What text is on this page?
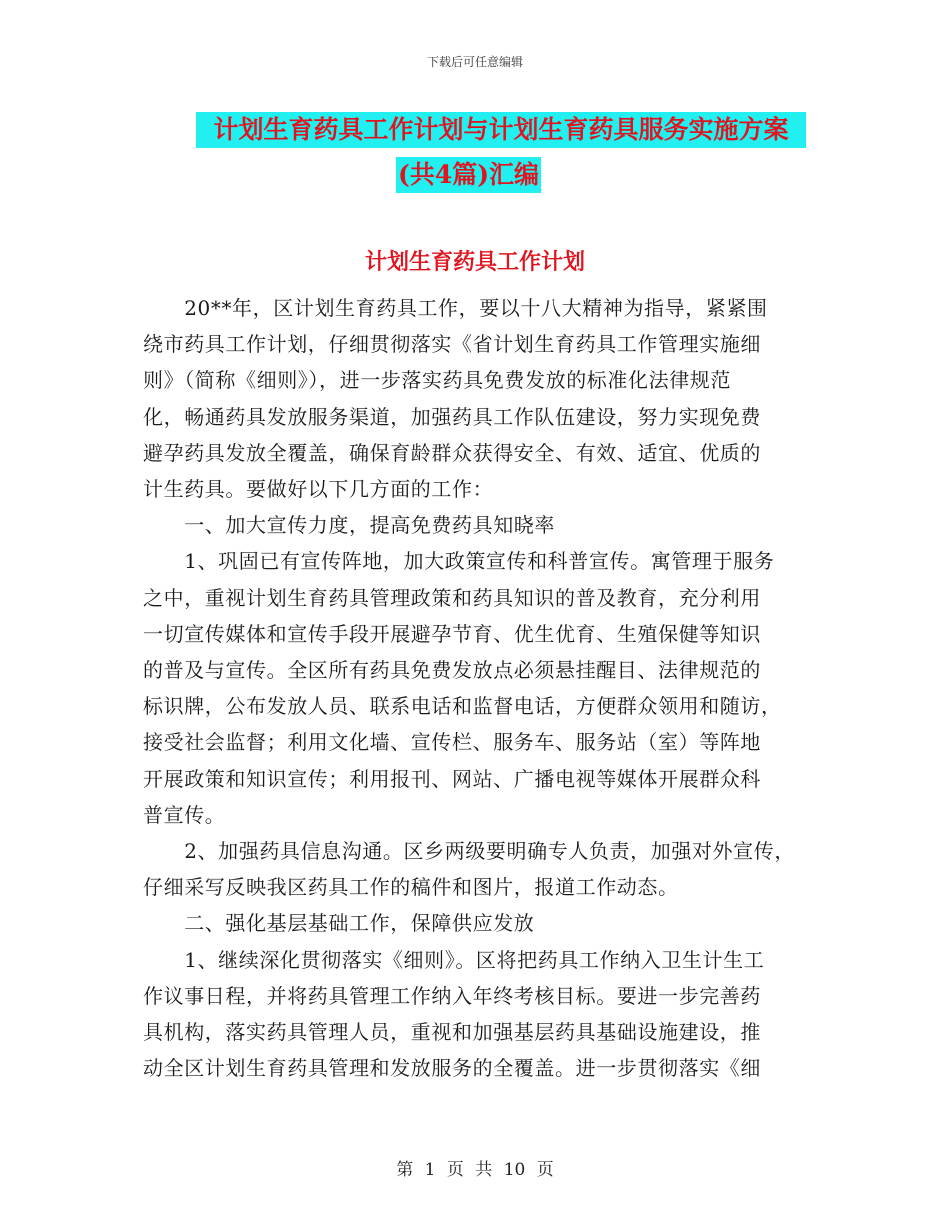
下载后可任意编辑
计划生育药具工作计划与计划生育药具服务实施方案
(共4篇)汇编
计划生育药具工作计划
　　20**年，区计划生育药具工作，要以十八大精神为指导，紧紧围
绕市药具工作计划，仔细贯彻落实《省计划生育药具工作管理实施细
则》（简称《细则》），进一步落实药具免费发放的标准化法律规范
化，畅通药具发放服务渠道，加强药具工作队伍建设，努力实现免费
避孕药具发放全覆盖，确保育龄群众获得安全、有效、适宜、优质的
计生药具。要做好以下几方面的工作：
　　一、加大宣传力度，提高免费药具知晓率
　　1、巩固已有宣传阵地，加大政策宣传和科普宣传。寓管理于服务
之中，重视计划生育药具管理政策和药具知识的普及教育，充分利用
一切宣传媒体和宣传手段开展避孕节育、优生优育、生殖保健等知识
的普及与宣传。全区所有药具免费发放点必须悬挂醒目、法律规范的
标识牌，公布发放人员、联系电话和监督电话，方便群众领用和随访，
接受社会监督；利用文化墙、宣传栏、服务车、服务站（室）等阵地
开展政策和知识宣传；利用报刊、网站、广播电视等媒体开展群众科
普宣传。
　　2、加强药具信息沟通。区乡两级要明确专人负责，加强对外宣传，
仔细采写反映我区药具工作的稿件和图片，报道工作动态。
　　二、强化基层基础工作，保障供应发放
　　1、继续深化贯彻落实《细则》。区将把药具工作纳入卫生计生工
作议事日程，并将药具管理工作纳入年终考核目标。要进一步完善药
具机构，落实药具管理人员，重视和加强基层药具基础设施建设，推
动全区计划生育药具管理和发放服务的全覆盖。进一步贯彻落实《细
第 1 页 共 10 页
